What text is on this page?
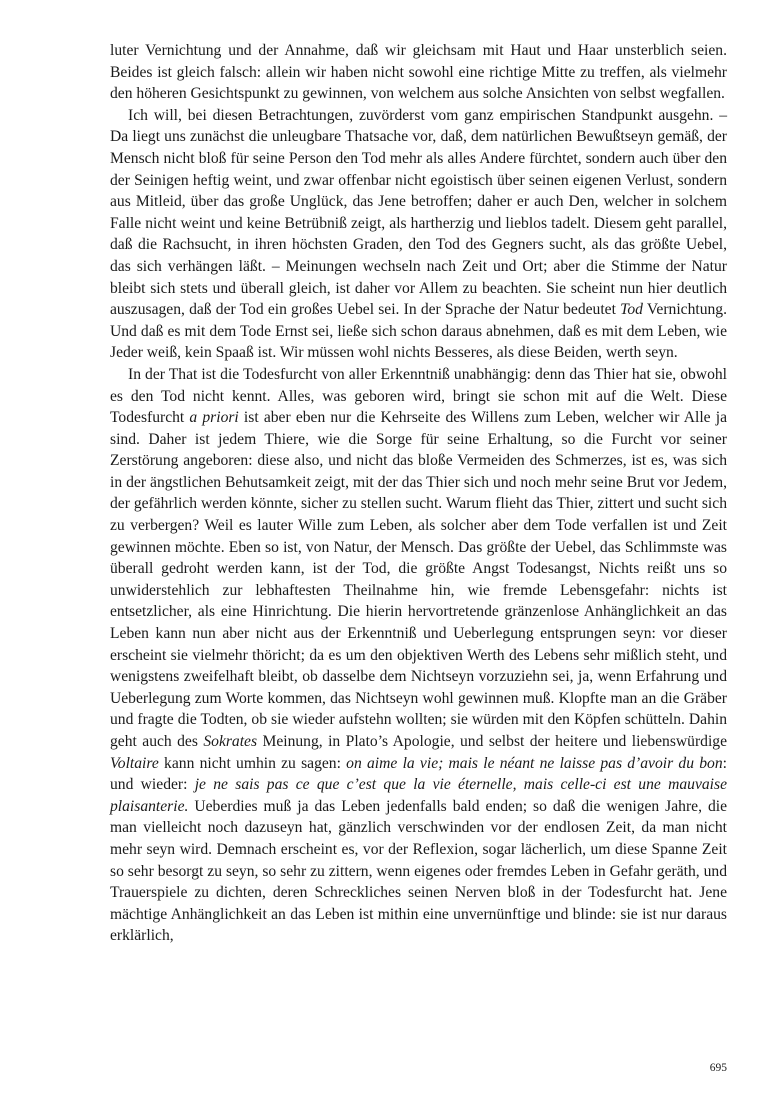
luter Vernichtung und der Annahme, daß wir gleichsam mit Haut und Haar unsterblich seien. Beides ist gleich falsch: allein wir haben nicht sowohl eine richtige Mitte zu treffen, als vielmehr den höheren Gesichtspunkt zu gewinnen, von welchem aus solche Ansichten von selbst wegfallen.

Ich will, bei diesen Betrachtungen, zuvörderst vom ganz empirischen Standpunkt ausgehn. – Da liegt uns zunächst die unleugbare Thatsache vor, daß, dem natürlichen Bewußtseyn gemäß, der Mensch nicht bloß für seine Person den Tod mehr als alles Andere fürchtet, sondern auch über den der Seinigen heftig weint, und zwar offenbar nicht egoistisch über seinen eigenen Verlust, sondern aus Mitleid, über das große Unglück, das Jene betroffen; daher er auch Den, welcher in solchem Falle nicht weint und keine Betrübniß zeigt, als hartherzig und lieblos tadelt. Diesem geht parallel, daß die Rachsucht, in ihren höchsten Graden, den Tod des Gegners sucht, als das größte Uebel, das sich verhängen läßt. – Meinungen wechseln nach Zeit und Ort; aber die Stimme der Natur bleibt sich stets und überall gleich, ist daher vor Allem zu beachten. Sie scheint nun hier deutlich auszusagen, daß der Tod ein großes Uebel sei. In der Sprache der Natur bedeutet Tod Vernichtung. Und daß es mit dem Tode Ernst sei, ließe sich schon daraus abnehmen, daß es mit dem Leben, wie Jeder weiß, kein Spaaß ist. Wir müssen wohl nichts Besseres, als diese Beiden, werth seyn.

In der That ist die Todesfurcht von aller Erkenntniß unabhängig: denn das Thier hat sie, obwohl es den Tod nicht kennt. Alles, was geboren wird, bringt sie schon mit auf die Welt. Diese Todesfurcht a priori ist aber eben nur die Kehrseite des Willens zum Leben, welcher wir Alle ja sind. Daher ist jedem Thiere, wie die Sorge für seine Erhaltung, so die Furcht vor seiner Zerstörung angeboren: diese also, und nicht das bloße Vermeiden des Schmerzes, ist es, was sich in der ängstlichen Behutsamkeit zeigt, mit der das Thier sich und noch mehr seine Brut vor Jedem, der gefährlich werden könnte, sicher zu stellen sucht. Warum flieht das Thier, zittert und sucht sich zu verbergen? Weil es lauter Wille zum Leben, als solcher aber dem Tode verfallen ist und Zeit gewinnen möchte. Eben so ist, von Natur, der Mensch. Das größte der Uebel, das Schlimmste was überall gedroht werden kann, ist der Tod, die größte Angst Todesangst, Nichts reißt uns so unwiderstehlich zur lebhaftesten Theilnahme hin, wie fremde Lebensgefahr: nichts ist entsetzlicher, als eine Hinrichtung. Die hierin hervortretende gränzenlose Anhänglichkeit an das Leben kann nun aber nicht aus der Erkenntniß und Ueberlegung entsprungen seyn: vor dieser erscheint sie vielmehr thöricht; da es um den objektiven Werth des Lebens sehr mißlich steht, und wenigstens zweifelhaft bleibt, ob dasselbe dem Nichtseyn vorzuziehn sei, ja, wenn Erfahrung und Ueberlegung zum Worte kommen, das Nichtseyn wohl gewinnen muß. Klopfte man an die Gräber und fragte die Todten, ob sie wieder aufstehn wollten; sie würden mit den Köpfen schütteln. Dahin geht auch des Sokrates Meinung, in Plato’s Apologie, und selbst der heitere und liebenswürdige Voltaire kann nicht umhin zu sagen: on aime la vie; mais le néant ne laisse pas d’avoir du bon: und wieder: je ne sais pas ce que c’est que la vie éternelle, mais celle-ci est une mauvaise plaisanterie. Ueberdies muß ja das Leben jedenfalls bald enden; so daß die wenigen Jahre, die man vielleicht noch dazuseyn hat, gänzlich verschwinden vor der endlosen Zeit, da man nicht mehr seyn wird. Demnach erscheint es, vor der Reflexion, sogar lächerlich, um diese Spanne Zeit so sehr besorgt zu seyn, so sehr zu zittern, wenn eigenes oder fremdes Leben in Gefahr geräth, und Trauerspiele zu dichten, deren Schreckliches seinen Nerven bloß in der Todesfurcht hat. Jene mächtige Anhänglichkeit an das Leben ist mithin eine unvernünftige und blinde: sie ist nur daraus erklärlich,

695
